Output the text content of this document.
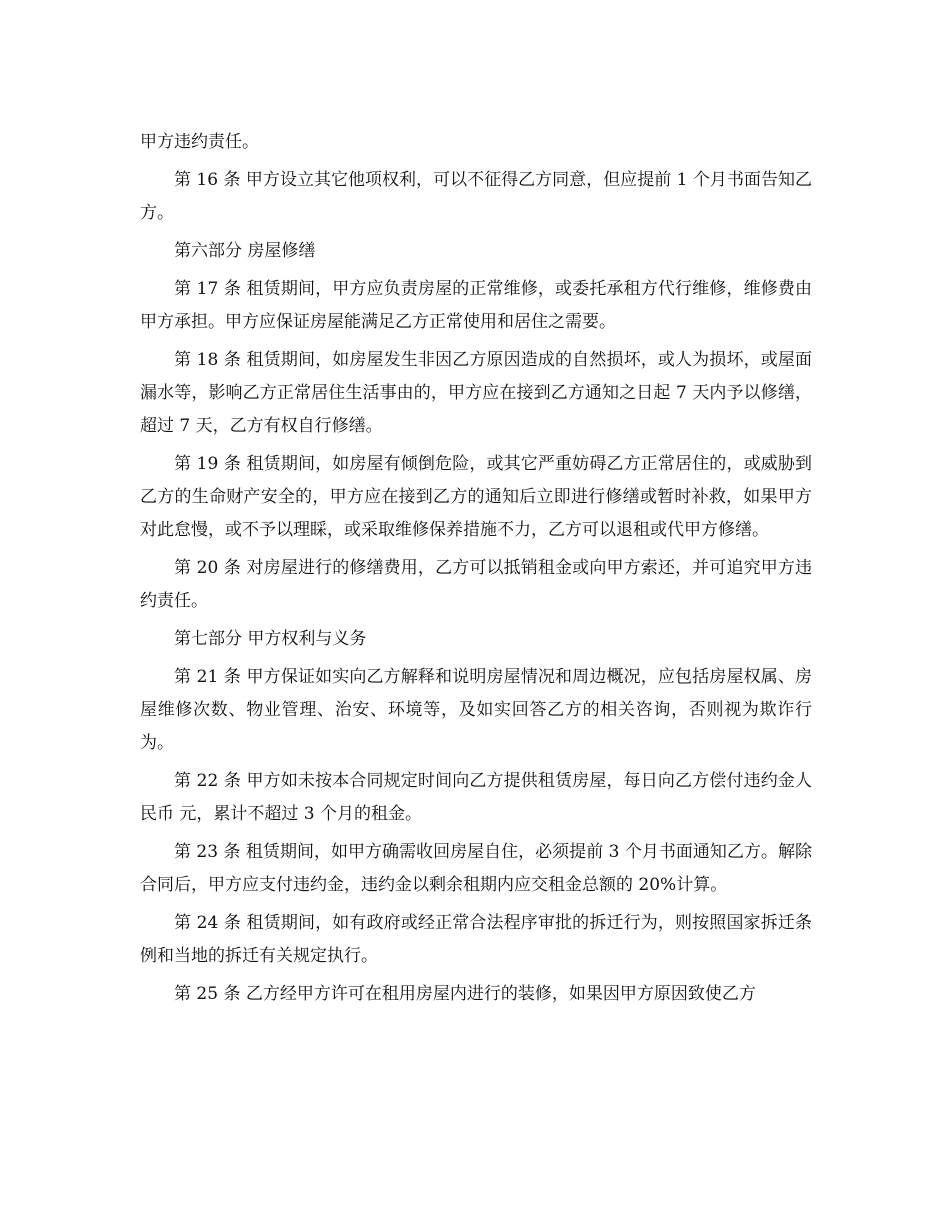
甲方违约责任。

第 16 条 甲方设立其它他项权利，可以不征得乙方同意，但应提前 1 个月书面告知乙方。

第六部分 房屋修缮

第 17 条 租赁期间，甲方应负责房屋的正常维修，或委托承租方代行维修，维修费由甲方承担。甲方应保证房屋能满足乙方正常使用和居住之需要。

第 18 条 租赁期间，如房屋发生非因乙方原因造成的自然损坏，或人为损坏，或屋面漏水等，影响乙方正常居住生活事由的，甲方应在接到乙方通知之日起 7 天内予以修缮，超过 7 天，乙方有权自行修缮。

第 19 条 租赁期间，如房屋有倾倒危险，或其它严重妨碍乙方正常居住的，或威胁到乙方的生命财产安全的，甲方应在接到乙方的通知后立即进行修缮或暂时补救，如果甲方对此怠慢，或不予以理睬，或采取维修保养措施不力，乙方可以退租或代甲方修缮。

第 20 条 对房屋进行的修缮费用，乙方可以抵销租金或向甲方索还，并可追究甲方违约责任。

第七部分 甲方权利与义务

第 21 条 甲方保证如实向乙方解释和说明房屋情况和周边概况，应包括房屋权属、房屋维修次数、物业管理、治安、环境等，及如实回答乙方的相关咨询，否则视为欺诈行为。

第 22 条 甲方如未按本合同规定时间向乙方提供租赁房屋，每日向乙方偿付违约金人民币 元，累计不超过 3 个月的租金。

第 23 条 租赁期间，如甲方确需收回房屋自住，必须提前 3 个月书面通知乙方。解除合同后，甲方应支付违约金，违约金以剩余租期内应交租金总额的 20%计算。

第 24 条 租赁期间，如有政府或经正常合法程序审批的拆迁行为，则按照国家拆迁条例和当地的拆迁有关规定执行。

第 25 条 乙方经甲方许可在租用房屋内进行的装修，如果因甲方原因致使乙方
